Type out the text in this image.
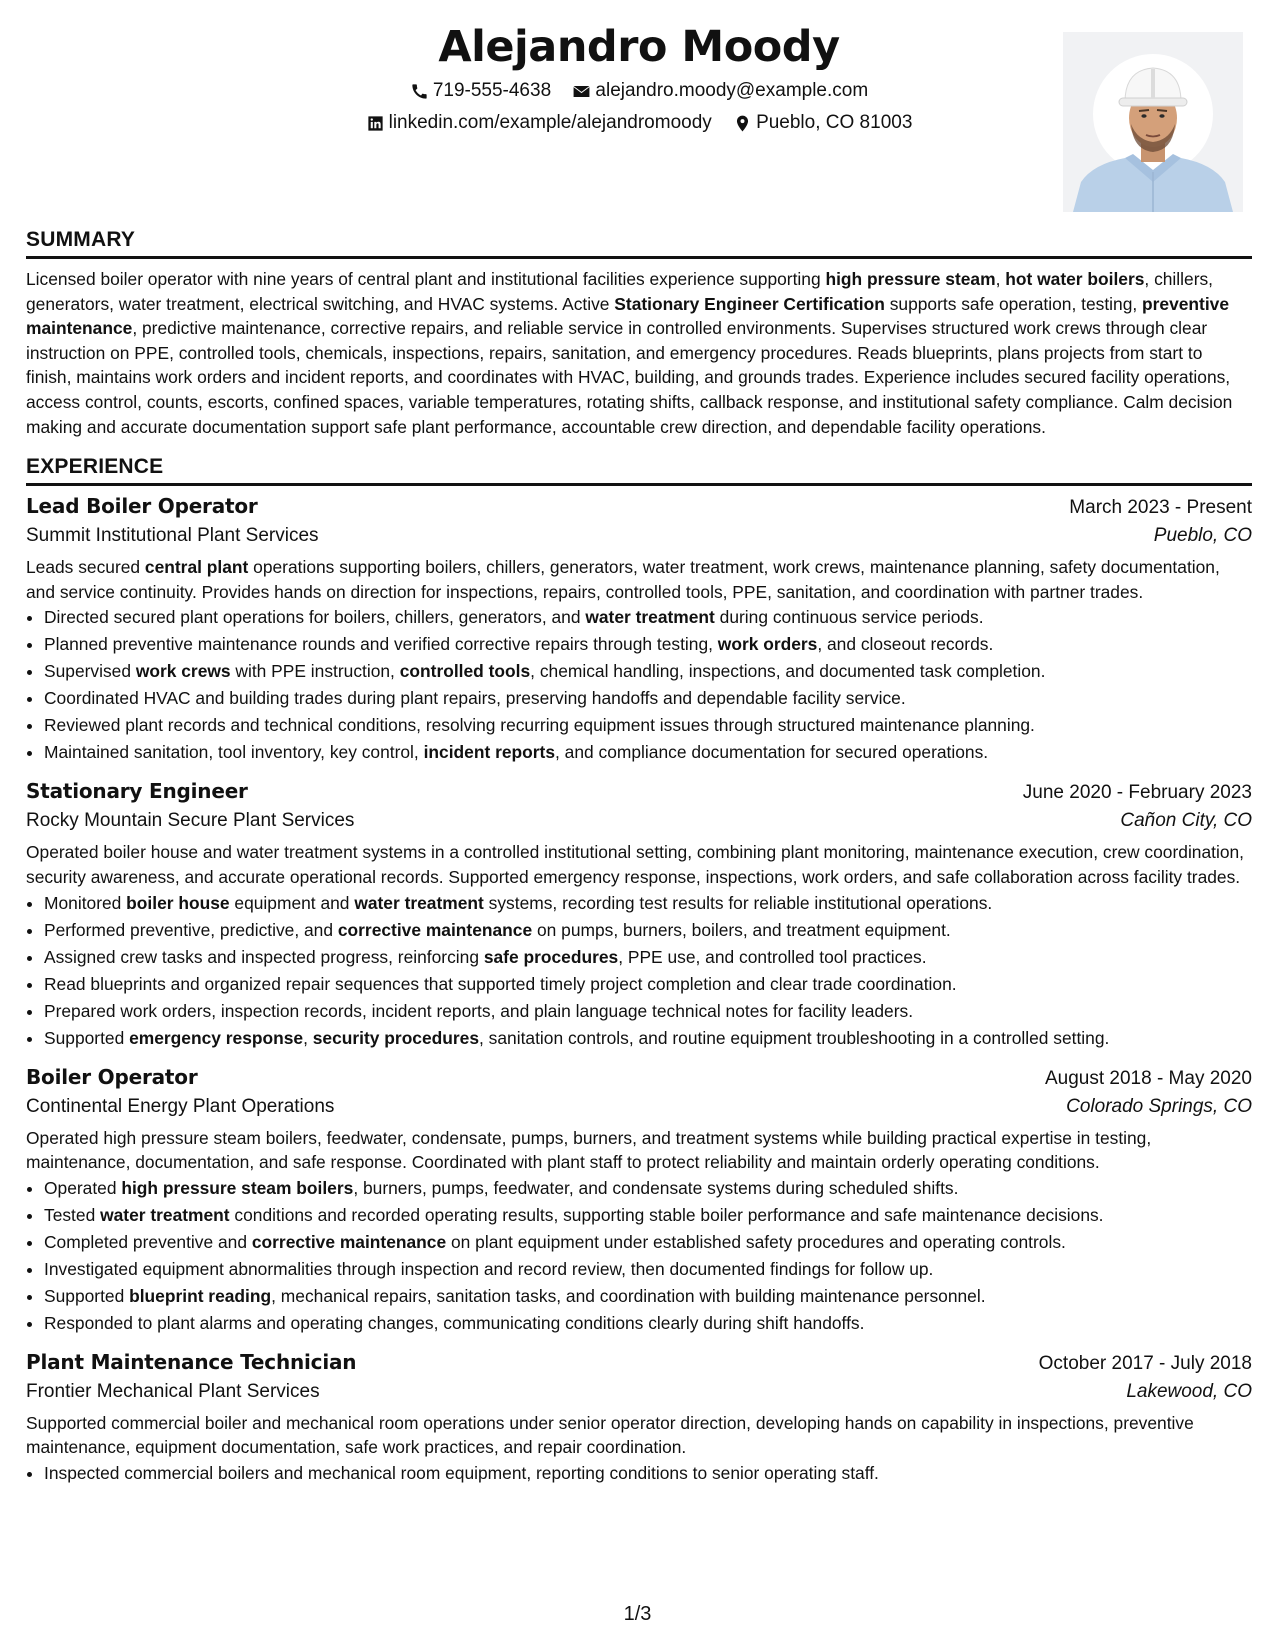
Alejandro Moody
719-555-4638
alejandro.moody@example.com
linkedin.com/example/alejandromoody
Pueblo, CO 81003
SUMMARY

Licensed boiler operator with nine years of central plant and institutional facilities experience supporting high pressure steam, hot water boilers, chillers, generators, water treatment, electrical switching, and HVAC systems. Active Stationary Engineer Certification supports safe operation, testing, preventive maintenance, predictive maintenance, corrective repairs, and reliable service in controlled environments. Supervises structured work crews through clear instruction on PPE, controlled tools, chemicals, inspections, repairs, sanitation, and emergency procedures. Reads blueprints, plans projects from start to finish, maintains work orders and incident reports, and coordinates with HVAC, building, and grounds trades. Experience includes secured facility operations, access control, counts, escorts, confined spaces, variable temperatures, rotating shifts, callback response, and institutional safety compliance. Calm decision making and accurate documentation support safe plant performance, accountable crew direction, and dependable facility operations.

EXPERIENCE
Lead Boiler Operator	March 2023 - Present
Summit Institutional Plant Services	Pueblo, CO

Leads secured central plant operations supporting boilers, chillers, generators, water treatment, work crews, maintenance planning, safety documentation, and service continuity. Provides hands on direction for inspections, repairs, controlled tools, PPE, sanitation, and coordination with partner trades.

• Directed secured plant operations for boilers, chillers, generators, and water treatment during continuous service periods.
• Planned preventive maintenance rounds and verified corrective repairs through testing, work orders, and closeout records.
• Supervised work crews with PPE instruction, controlled tools, chemical handling, inspections, and documented task completion.
• Coordinated HVAC and building trades during plant repairs, preserving handoffs and dependable facility service.
• Reviewed plant records and technical conditions, resolving recurring equipment issues through structured maintenance planning.
• Maintained sanitation, tool inventory, key control, incident reports, and compliance documentation for secured operations.
Stationary Engineer	June 2020 - February 2023
Rocky Mountain Secure Plant Services	Cañon City, CO

Operated boiler house and water treatment systems in a controlled institutional setting, combining plant monitoring, maintenance execution, crew coordination, security awareness, and accurate operational records. Supported emergency response, inspections, work orders, and safe collaboration across facility trades.

• Monitored boiler house equipment and water treatment systems, recording test results for reliable institutional operations.
• Performed preventive, predictive, and corrective maintenance on pumps, burners, boilers, and treatment equipment.
• Assigned crew tasks and inspected progress, reinforcing safe procedures, PPE use, and controlled tool practices.
• Read blueprints and organized repair sequences that supported timely project completion and clear trade coordination.
• Prepared work orders, inspection records, incident reports, and plain language technical notes for facility leaders.
• Supported emergency response, security procedures, sanitation controls, and routine equipment troubleshooting in a controlled setting.
Boiler Operator	August 2018 - May 2020
Continental Energy Plant Operations	Colorado Springs, CO

Operated high pressure steam boilers, feedwater, condensate, pumps, burners, and treatment systems while building practical expertise in testing, maintenance, documentation, and safe response. Coordinated with plant staff to protect reliability and maintain orderly operating conditions.

• Operated high pressure steam boilers, burners, pumps, feedwater, and condensate systems during scheduled shifts.
• Tested water treatment conditions and recorded operating results, supporting stable boiler performance and safe maintenance decisions.
• Completed preventive and corrective maintenance on plant equipment under established safety procedures and operating controls.
• Investigated equipment abnormalities through inspection and record review, then documented findings for follow up.
• Supported blueprint reading, mechanical repairs, sanitation tasks, and coordination with building maintenance personnel.
• Responded to plant alarms and operating changes, communicating conditions clearly during shift handoffs.
Plant Maintenance Technician	October 2017 - July 2018
Frontier Mechanical Plant Services	Lakewood, CO

Supported commercial boiler and mechanical room operations under senior operator direction, developing hands on capability in inspections, preventive maintenance, equipment documentation, safe work practices, and repair coordination.

• Inspected commercial boilers and mechanical room equipment, reporting conditions to senior operating staff.
1/3
